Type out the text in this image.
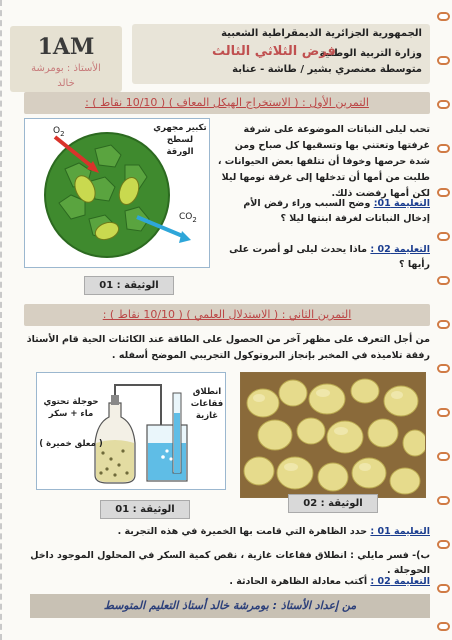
1AM
الأستاذ : بومرشة
خالد
الجمهورية الجزائرية الديمقراطية الشعبية
وزارة التربية الوطنية
فرض الثلاثي الثالث
متوسطة معنصري بشير / طاشة - عنابة
التمرين الأول : ( الاستخراج الهيكل المعاف ) ( 10/10 نقاط ) :
$O_2$
$CO_2$
تكبير مجهري لسطح الورقة
الوثيقة : 01
تحب ليلى النباتات الموضوعة على شرفة غرفتها وتعتني بها وتسقيها كل صباح ومن شدة حرصها وخوفا أن تتلفها بعض الحيوانات ، طلبت من أمها أن تدخلها إلى غرفة نومها ليلا لكن أمها رفضت ذلك.
التعليمة 01: وضح السبب وراء رفض الأم إدخال النباتات لغرفة ابنتها ليلا ؟
التعليمة 02 : ماذا يحدث ليلى لو أصرت على رأيها ؟
التمرين الثاني : ( الاستدلال العلمي ) ( 10/10 نقاط ) :
من أجل التعرف على مظهر آخر من الحصول على الطاقة عند الكائنات الحية قام الأستاذ رفقة تلاميذه في المخبر بإنجاز البروتوكول التجريبي الموضح أسفله .
حوجلة تحتوي ماء + سكر
( معلق خميرة )
انطلاق فقاعات غازية
الوثيقة : 01
الوثيقة : 02
التعليمة 01 : حدد الظاهرة التي قامت بها الخميرة في هذه التجربة .
ب)- فسر مايلي : انطلاق فقاعات غازية ، نقص كمية السكر في المحلول الموجود داخل الحوجلة .
التعليمة 02 : أكتب معادلة الظاهرة الحادثة .
من إعداد الأستاذ : بومرشة خالد أستاذ التعليم المتوسط
